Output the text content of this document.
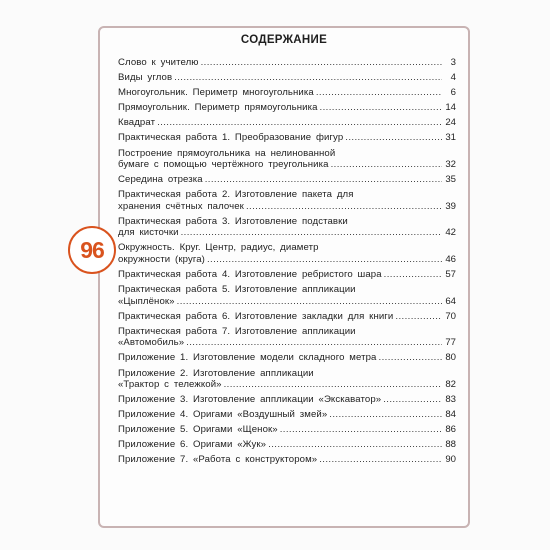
96
СОДЕРЖАНИЕ
Слово к учителю .....	3
Виды углов .....	4
Многоугольник. Периметр многоугольника .....	6
Прямоугольник. Периметр прямоугольника .....	14
Квадрат .....	24
Практическая работа 1. Преобразование фигур .....	31
Построение прямоугольника на нелинованной
бумаге с помощью чертёжного треугольника .....	32
Середина отрезка .....	35
Практическая работа 2. Изготовление пакета для
хранения счётных палочек .....	39
Практическая работа 3. Изготовление подставки
для кисточки .....	42
Окружность. Круг. Центр, радиус, диаметр
окружности (круга) .....	46
Практическая работа 4. Изготовление ребристого шара .....	57
Практическая работа 5. Изготовление аппликации
«Цыплёнок» .....	64
Практическая работа 6. Изготовление закладки для книги .....	70
Практическая работа 7. Изготовление аппликации
«Автомобиль» .....	77
Приложение 1. Изготовление модели складного метра .....	80
Приложение 2. Изготовление аппликации
«Трактор с тележкой» .....	82
Приложение 3. Изготовление аппликации «Экскаватор» .....	83
Приложение 4. Оригами «Воздушный змей» .....	84
Приложение 5. Оригами «Щенок» .....	86
Приложение 6. Оригами «Жук» .....	88
Приложение 7. «Работа с конструктором» .....	90
